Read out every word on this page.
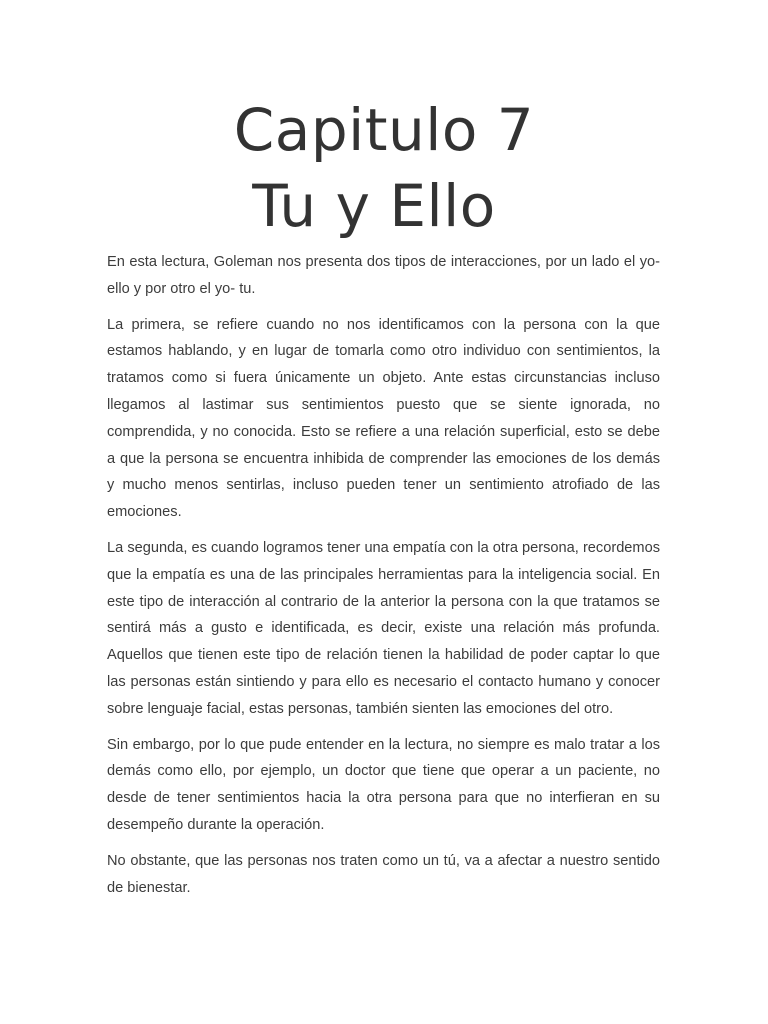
Capitulo 7
Tu y Ello

En esta lectura, Goleman nos presenta dos tipos de interacciones, por un lado el yo- ello y por otro el yo- tu.

La primera, se refiere cuando no nos identificamos con la persona con la que estamos hablando, y en lugar de tomarla como otro individuo con sentimientos, la tratamos como si fuera únicamente un objeto. Ante estas circunstancias incluso llegamos al lastimar sus sentimientos puesto que se siente ignorada, no comprendida, y no conocida. Esto se refiere a una relación superficial, esto se debe a que la persona se encuentra inhibida de comprender las emociones de los demás y mucho menos sentirlas, incluso pueden tener un sentimiento atrofiado de las emociones.

La segunda, es cuando logramos tener una empatía con la otra persona, recordemos que la empatía es una de las principales herramientas para la inteligencia social. En este tipo de interacción al contrario de la anterior la persona con la que tratamos se sentirá más a gusto e identificada, es decir, existe una relación más profunda. Aquellos que tienen este tipo de relación tienen la habilidad de poder captar lo que las personas están sintiendo y para ello es necesario el contacto humano y conocer sobre lenguaje facial, estas personas, también sienten las emociones del otro.

Sin embargo, por lo que pude entender en la lectura, no siempre es malo tratar a los demás como ello, por ejemplo, un doctor que tiene que operar a un paciente, no desde de tener sentimientos hacia la otra persona para que no interfieran en su desempeño durante la operación.

No obstante, que las personas nos traten como un tú, va a afectar a nuestro sentido de bienestar.
